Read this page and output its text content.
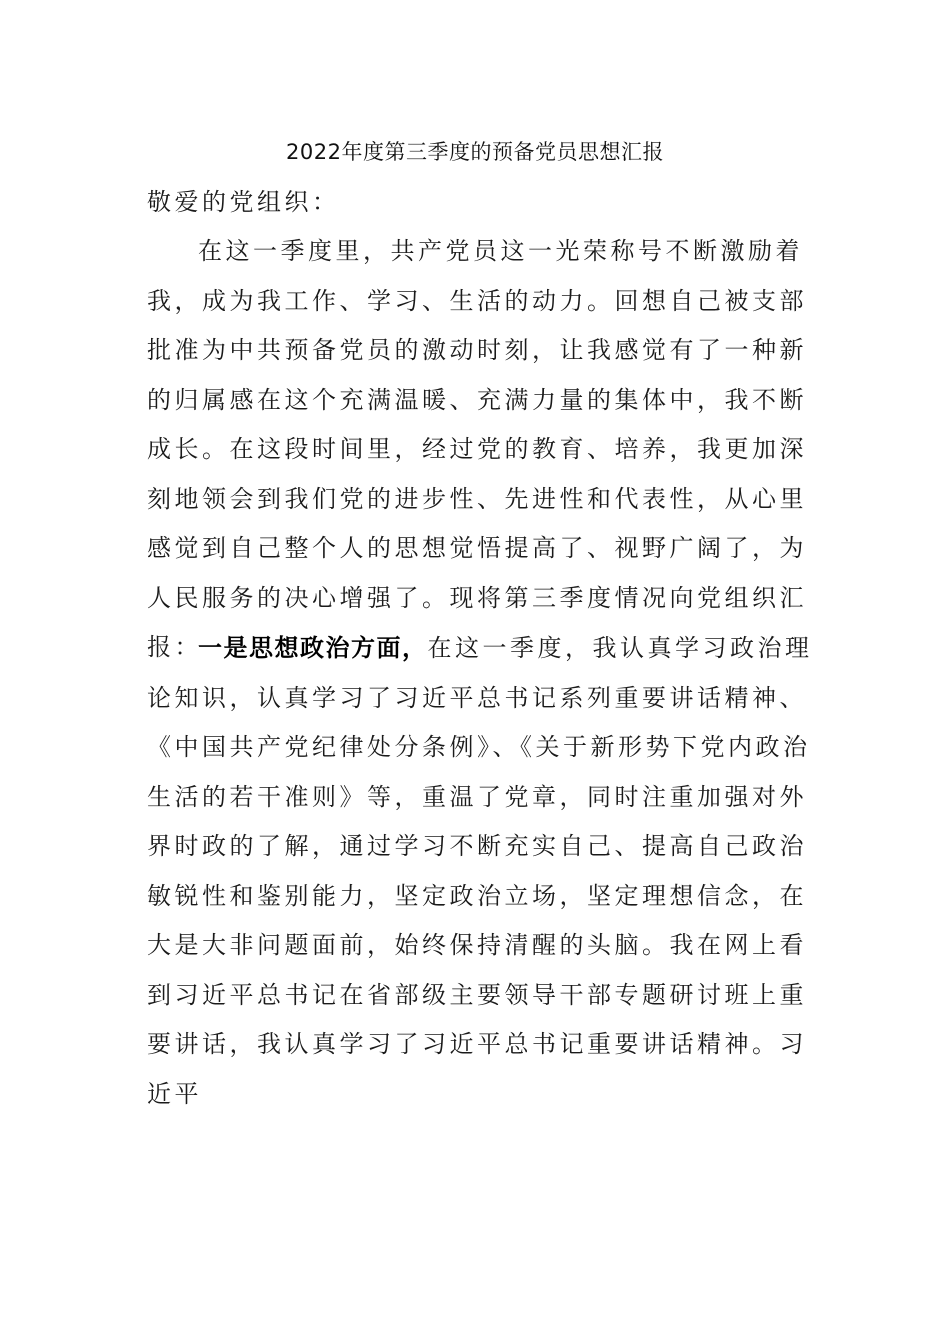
2022年度第三季度的预备党员思想汇报
敬爱的党组织：
在这一季度里，共产党员这一光荣称号不断激励着我，成为我工作、学习、生活的动力。回想自己被支部批准为中共预备党员的激动时刻，让我感觉有了一种新的归属感在这个充满温暖、充满力量的集体中，我不断成长。在这段时间里，经过党的教育、培养，我更加深刻地领会到我们党的进步性、先进性和代表性，从心里感觉到自己整个人的思想觉悟提高了、视野广阔了，为人民服务的决心增强了。现将第三季度情况向党组织汇报：
一是思想政治方面，在这一季度，我认真学习政治理论知识，认真学习了习近平总书记系列重要讲话精神、《中国共产党纪律处分条例》、《关于新形势下党内政治生活的若干准则》等，重温了党章，同时注重加强对外界时政的了解，通过学习不断充实自己、提高自己政治敏锐性和鉴别能力，坚定政治立场，坚定理想信念，在大是大非问题面前，始终保持清醒的头脑。我在网上看到习近平总书记在省部级主要领导干部专题研讨班上重要讲话，我认真学习了习近平总书记重要讲话精神。习近平
